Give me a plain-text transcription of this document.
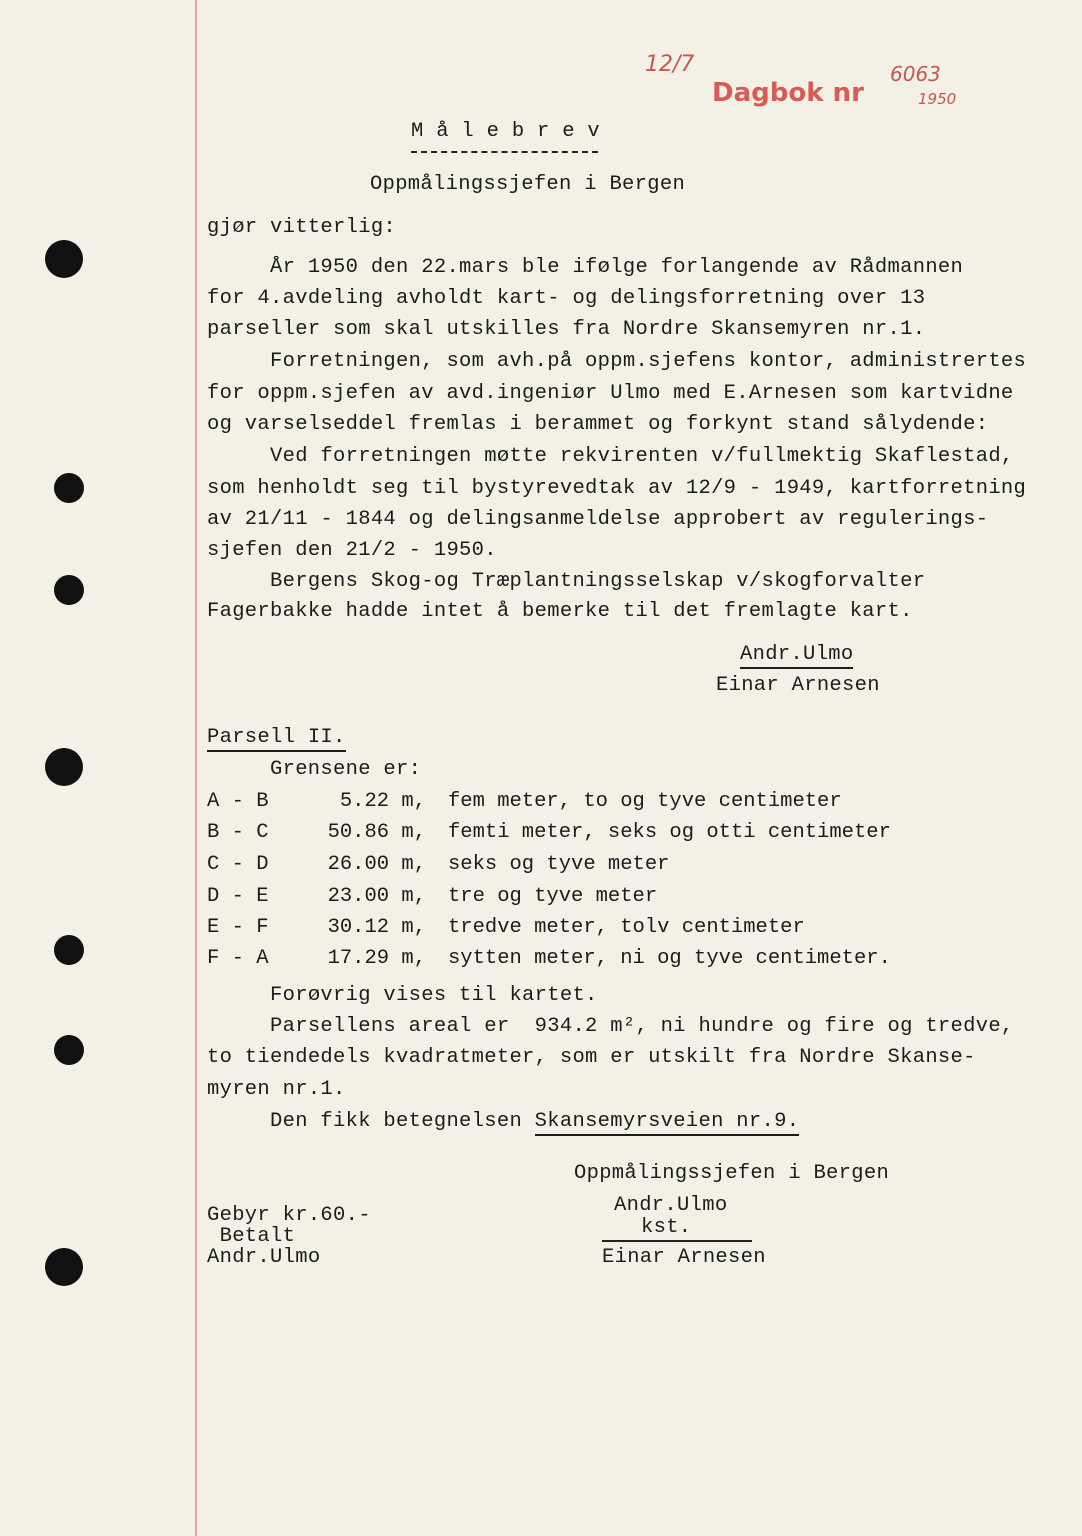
12/7
Dagbok nr
6063
1950
M å l e b r e v
Oppmålingssjefen i Bergen
gjør vitterlig:
År 1950 den 22.mars ble ifølge forlangende av Rådmannen
for 4.avdeling avholdt kart- og delingsforretning over 13
parseller som skal utskilles fra Nordre Skansemyren nr.1.
Forretningen, som avh.på oppm.sjefens kontor, administrertes
for oppm.sjefen av avd.ingeniør Ulmo med E.Arnesen som kartvidne
og varselseddel fremlas i berammet og forkynt stand sålydende:
Ved forretningen møtte rekvirenten v/fullmektig Skaflestad,
som henholdt seg til bystyrevedtak av 12/9 - 1949, kartforretning
av 21/11 - 1844 og delingsanmeldelse approbert av regulerings-
sjefen den 21/2 - 1950.
Bergens Skog-og Træplantningsselskap v/skogforvalter
Fagerbakke hadde intet å bemerke til det fremlagte kart.
Andr.Ulmo
Einar Arnesen
Parsell II.
Grensene er:
A - B	5.22 m, fem meter, to og tyve centimeter
B - C	50.86 m, femti meter, seks og otti centimeter
C - D	26.00 m, seks og tyve meter
D - E	23.00 m, tre og tyve meter
E - F	30.12 m, tredve meter, tolv centimeter
F - A	17.29 m, sytten meter, ni og tyve centimeter.
Forøvrig vises til kartet.
Parsellens areal er  934.2 m², ni hundre og fire og tredve,
to tiendedels kvadratmeter, som er utskilt fra Nordre Skanse-
myren nr.1.
Den fikk betegnelsen Skansemyrsveien nr.9.
Oppmålingssjefen i Bergen
Andr.Ulmo
kst.
Einar Arnesen
Gebyr kr.60.-
Betalt
Andr.Ulmo
